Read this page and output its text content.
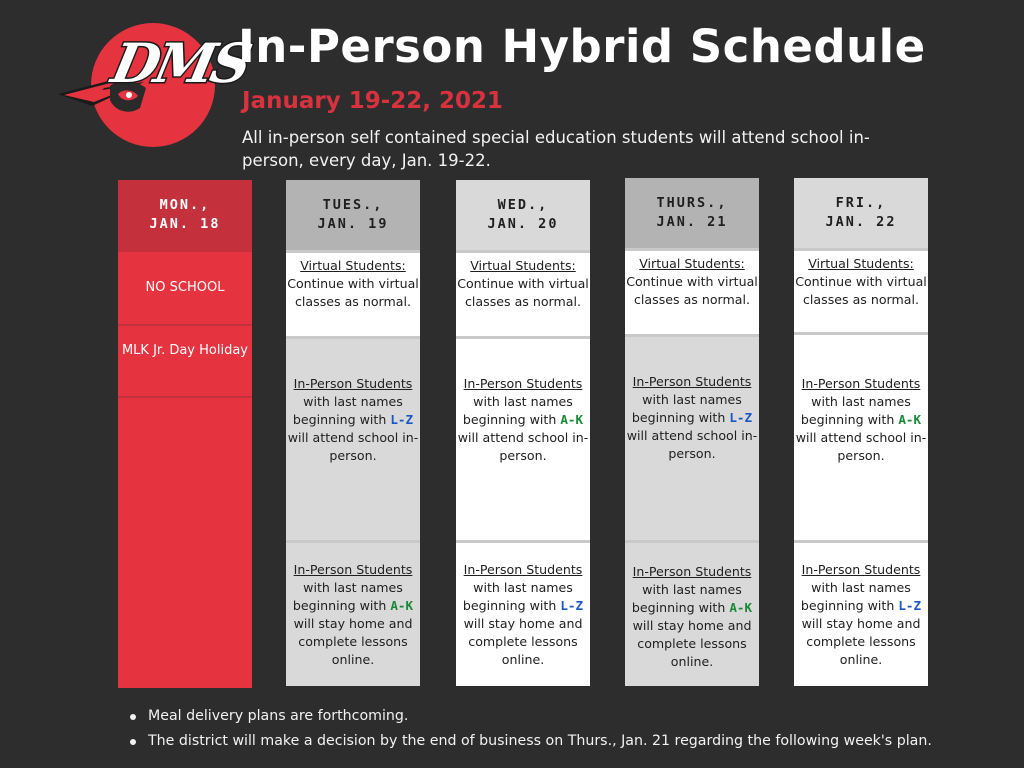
DMS
In-Person Hybrid Schedule
January 19-22, 2021
All in-person self contained special education students will attend school in-person, every day, Jan. 19-22.
MON.,
JAN. 18
NO SCHOOL
MLK Jr. Day Holiday
TUES.,
JAN. 19
Virtual Students:
Continue with virtual classes as normal.
In-Person Students
with last names beginning with L-Z will attend school in-person.
In-Person Students
with last names beginning with A-K will stay home and complete lessons online.
WED.,
JAN. 20
Virtual Students:
Continue with virtual classes as normal.
In-Person Students
with last names beginning with A-K will attend school in-person.
In-Person Students
with last names beginning with L-Z will stay home and complete lessons online.
THURS.,
JAN. 21
Virtual Students:
Continue with virtual classes as normal.
In-Person Students
with last names beginning with L-Z will attend school in-person.
In-Person Students
with last names beginning with A-K will stay home and complete lessons online.
FRI.,
JAN. 22
Virtual Students:
Continue with virtual classes as normal.
In-Person Students
with last names beginning with A-K will attend school in-person.
In-Person Students
with last names beginning with L-Z will stay home and complete lessons online.
Meal delivery plans are forthcoming.
The district will make a decision by the end of business on Thurs., Jan. 21 regarding the following week's plan.
